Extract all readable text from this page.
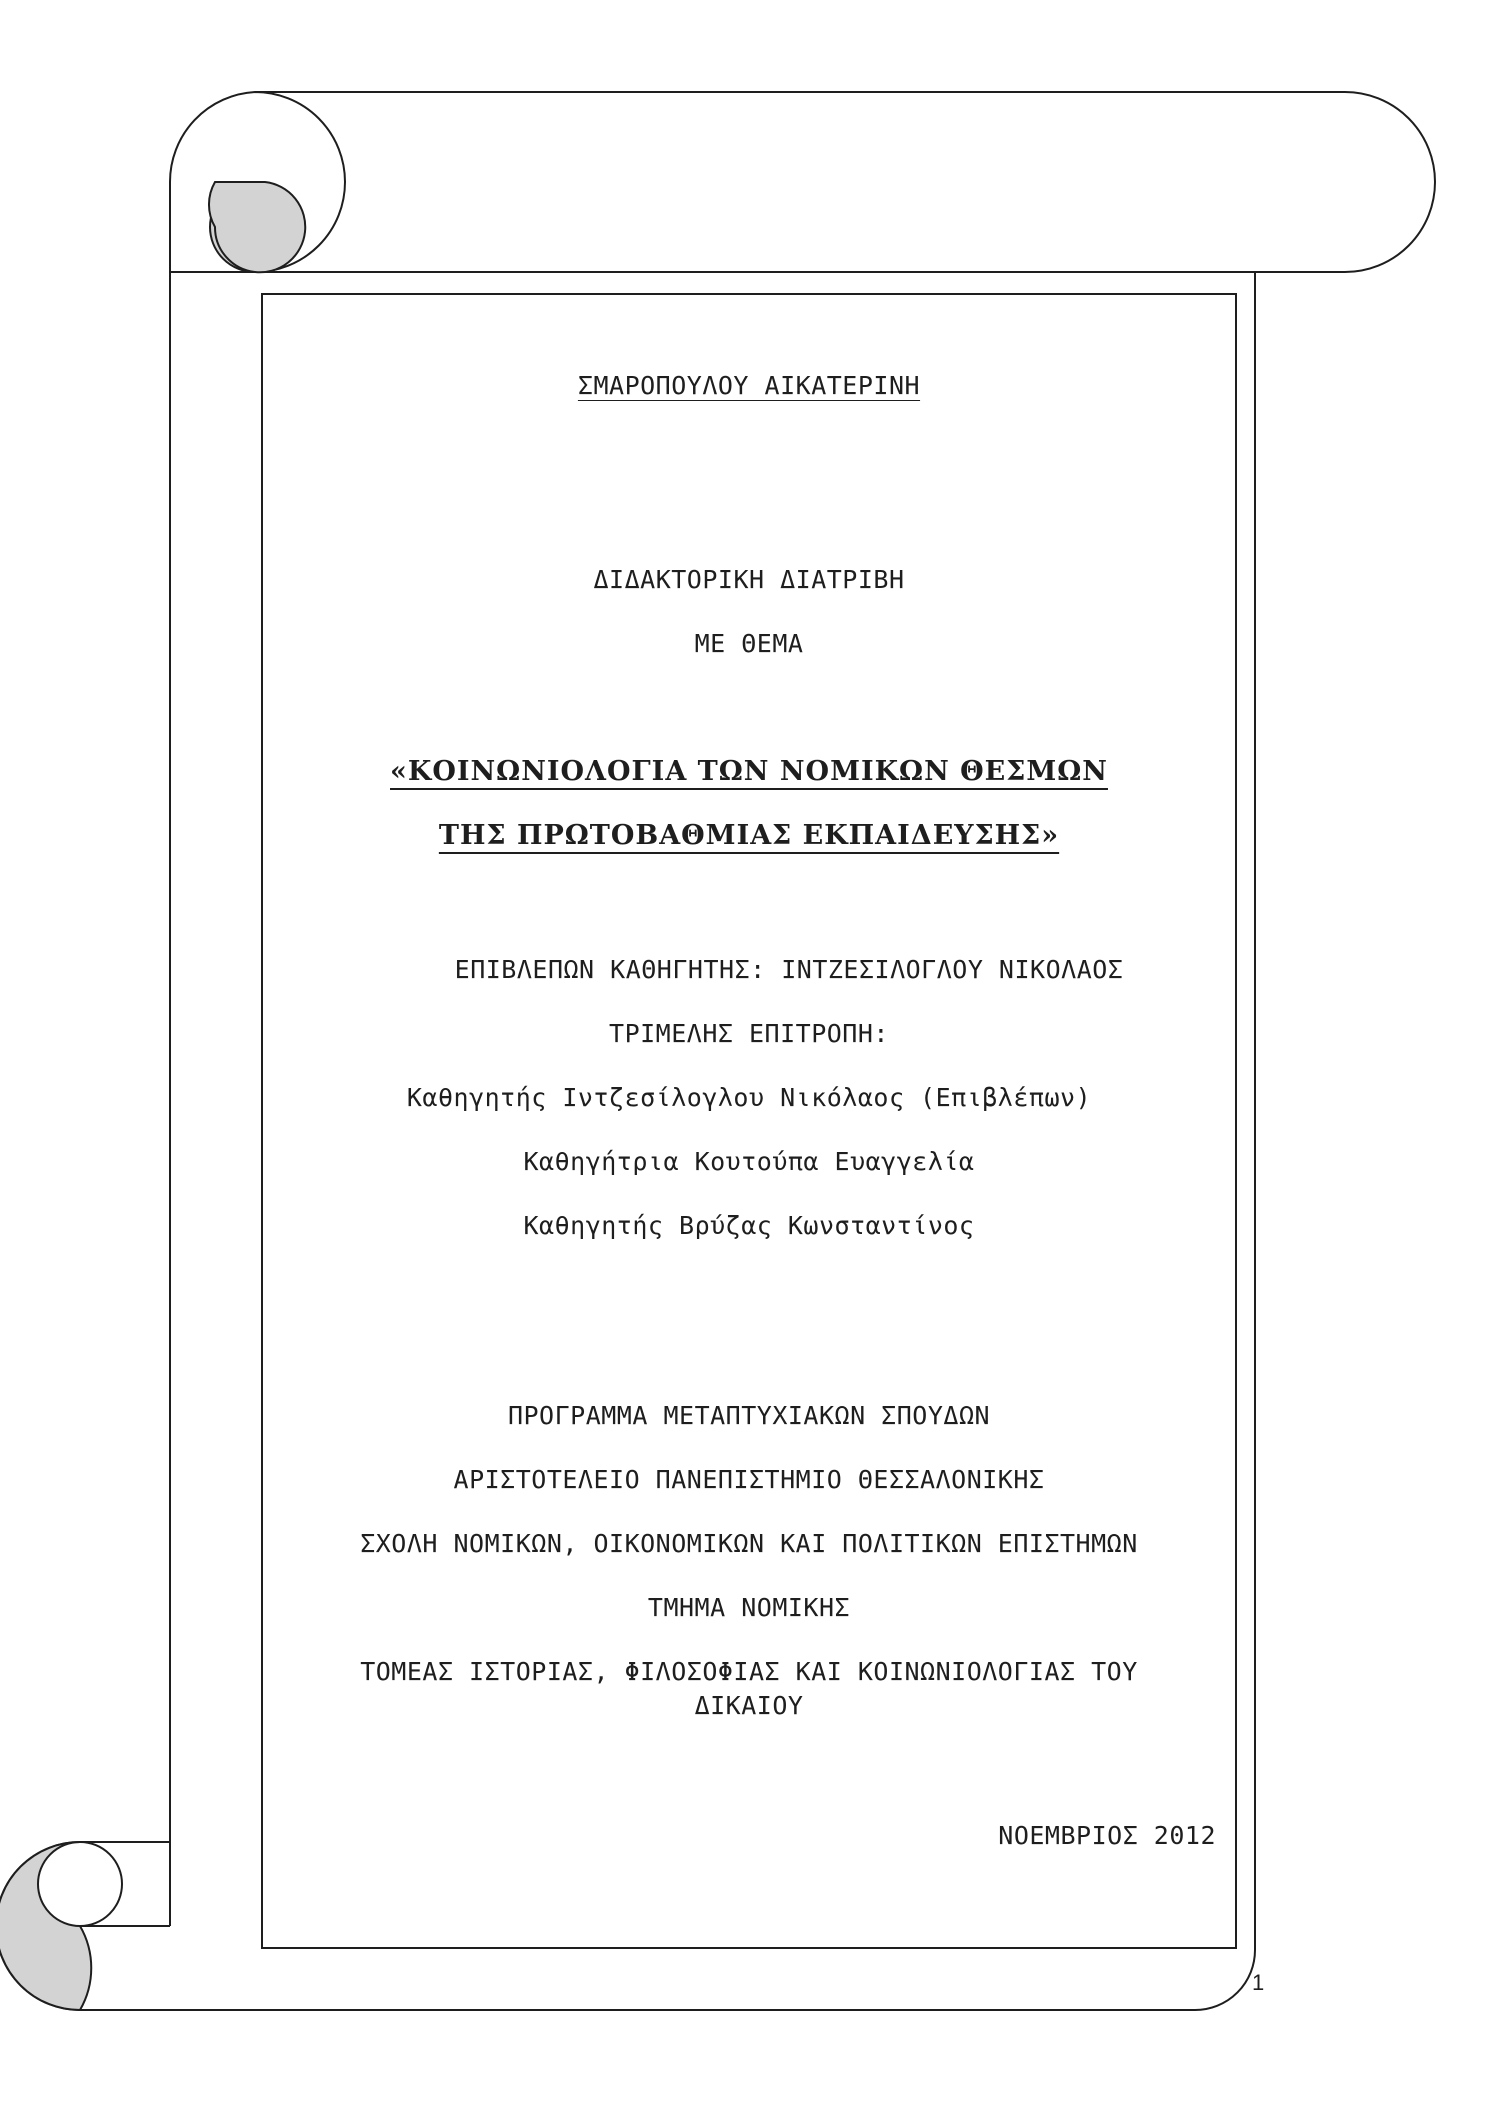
ΣΜΑΡΟΠΟΥΛΟΥ ΑΙΚΑΤΕΡΙΝΗ
ΔΙΔΑΚΤΟΡΙΚΗ ΔΙΑΤΡΙΒΗ
ΜΕ ΘΕΜΑ
«ΚΟΙΝΩΝΙΟΛΟΓΙΑ ΤΩΝ ΝΟΜΙΚΩΝ ΘΕΣΜΩΝ
ΤΗΣ ΠΡΩΤΟΒΑΘΜΙΑΣ ΕΚΠΑΙΔΕΥΣΗΣ»
ΕΠΙΒΛΕΠΩΝ ΚΑΘΗΓΗΤΗΣ: ΙΝΤΖΕΣΙΛΟΓΛΟΥ ΝΙΚΟΛΑΟΣ
ΤΡΙΜΕΛΗΣ ΕΠΙΤΡΟΠΗ:
Καθηγητής Ιντζεσίλογλου Νικόλαος (Επιβλέπων)
Καθηγήτρια Κουτούπα Ευαγγελία
Καθηγητής Βρύζας Κωνσταντίνος
ΠΡΟΓΡΑΜΜΑ ΜΕΤΑΠΤΥΧΙΑΚΩΝ ΣΠΟΥΔΩΝ
ΑΡΙΣΤΟΤΕΛΕΙΟ ΠΑΝΕΠΙΣΤΗΜΙΟ ΘΕΣΣΑΛΟΝΙΚΗΣ
ΣΧΟΛΗ ΝΟΜΙΚΩΝ, ΟΙΚΟΝΟΜΙΚΩΝ ΚΑΙ ΠΟΛΙΤΙΚΩΝ ΕΠΙΣΤΗΜΩΝ
ΤΜΗΜΑ ΝΟΜΙΚΗΣ
ΤΟΜΕΑΣ ΙΣΤΟΡΙΑΣ, ΦΙΛΟΣΟΦΙΑΣ ΚΑΙ ΚΟΙΝΩΝΙΟΛΟΓΙΑΣ ΤΟΥ
ΔΙΚΑΙΟΥ
ΝΟΕΜΒΡΙΟΣ 2012
1
